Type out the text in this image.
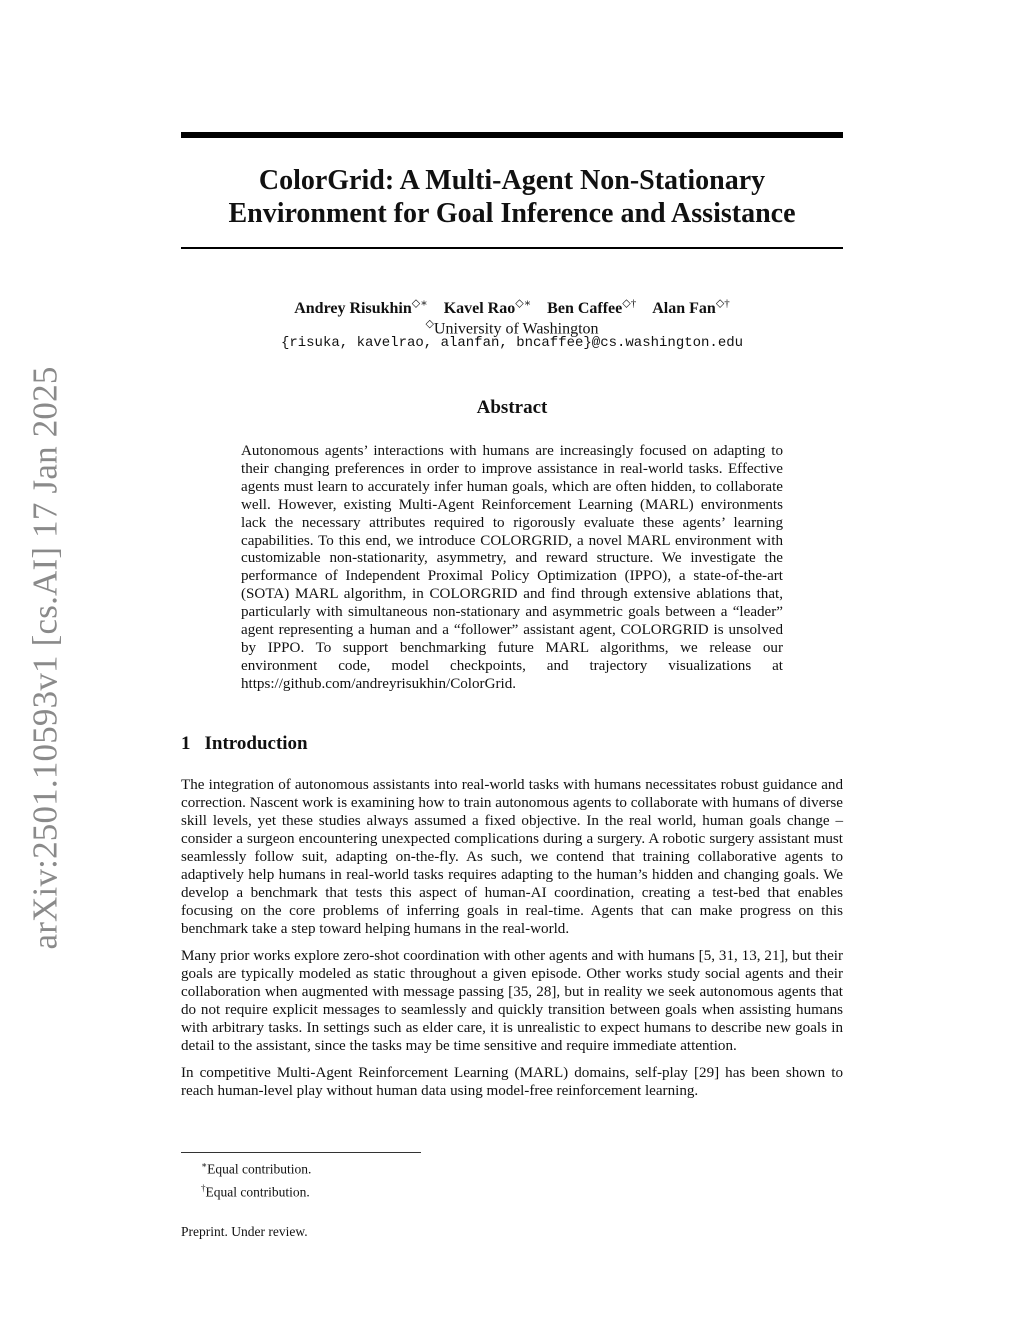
arXiv:2501.10593v1 [cs.AI] 17 Jan 2025
ColorGrid: A Multi-Agent Non-Stationary
Environment for Goal Inference and Assistance
Andrey Risukhin◇∗ Kavel Rao◇∗ Ben Caffee◇† Alan Fan◇†
◇University of Washington
{risuka, kavelrao, alanfan, bncaffee}@cs.washington.edu
Abstract
Autonomous agents’ interactions with humans are increasingly focused on adapting to their changing preferences in order to improve assistance in real-world tasks. Effective agents must learn to accurately infer human goals, which are often hidden, to collaborate well. However, existing Multi-Agent Reinforcement Learning (MARL) environments lack the necessary attributes required to rigorously evaluate these agents’ learning capabilities. To this end, we introduce COLORGRID, a novel MARL environment with customizable non-stationarity, asymmetry, and reward structure. We investigate the performance of Independent Proximal Policy Optimization (IPPO), a state-of-the-art (SOTA) MARL algorithm, in COLORGRID and find through extensive ablations that, particularly with simultaneous non-stationary and asymmetric goals between a “leader” agent representing a human and a “follower” assistant agent, COLORGRID is unsolved by IPPO. To support benchmarking future MARL algorithms, we release our environment code, model checkpoints, and trajectory visualizations at https://github.com/andreyrisukhin/ColorGrid.
1 Introduction

The integration of autonomous assistants into real-world tasks with humans necessitates robust guidance and correction. Nascent work is examining how to train autonomous agents to collaborate with humans of diverse skill levels, yet these studies always assumed a fixed objective. In the real world, human goals change – consider a surgeon encountering unexpected complications during a surgery. A robotic surgery assistant must seamlessly follow suit, adapting on-the-fly. As such, we contend that training collaborative agents to adaptively help humans in real-world tasks requires adapting to the human’s hidden and changing goals. We develop a benchmark that tests this aspect of human-AI coordination, creating a test-bed that enables focusing on the core problems of inferring goals in real-time. Agents that can make progress on this benchmark take a step toward helping humans in the real-world.

Many prior works explore zero-shot coordination with other agents and with humans [5, 31, 13, 21], but their goals are typically modeled as static throughout a given episode. Other works study social agents and their collaboration when augmented with message passing [35, 28], but in reality we seek autonomous agents that do not require explicit messages to seamlessly and quickly transition between goals when assisting humans with arbitrary tasks. In settings such as elder care, it is unrealistic to expect humans to describe new goals in detail to the assistant, since the tasks may be time sensitive and require immediate attention.

In competitive Multi-Agent Reinforcement Learning (MARL) domains, self-play [29] has been shown to reach human-level play without human data using model-free reinforcement learning.

∗Equal contribution.
†Equal contribution.
Preprint. Under review.
